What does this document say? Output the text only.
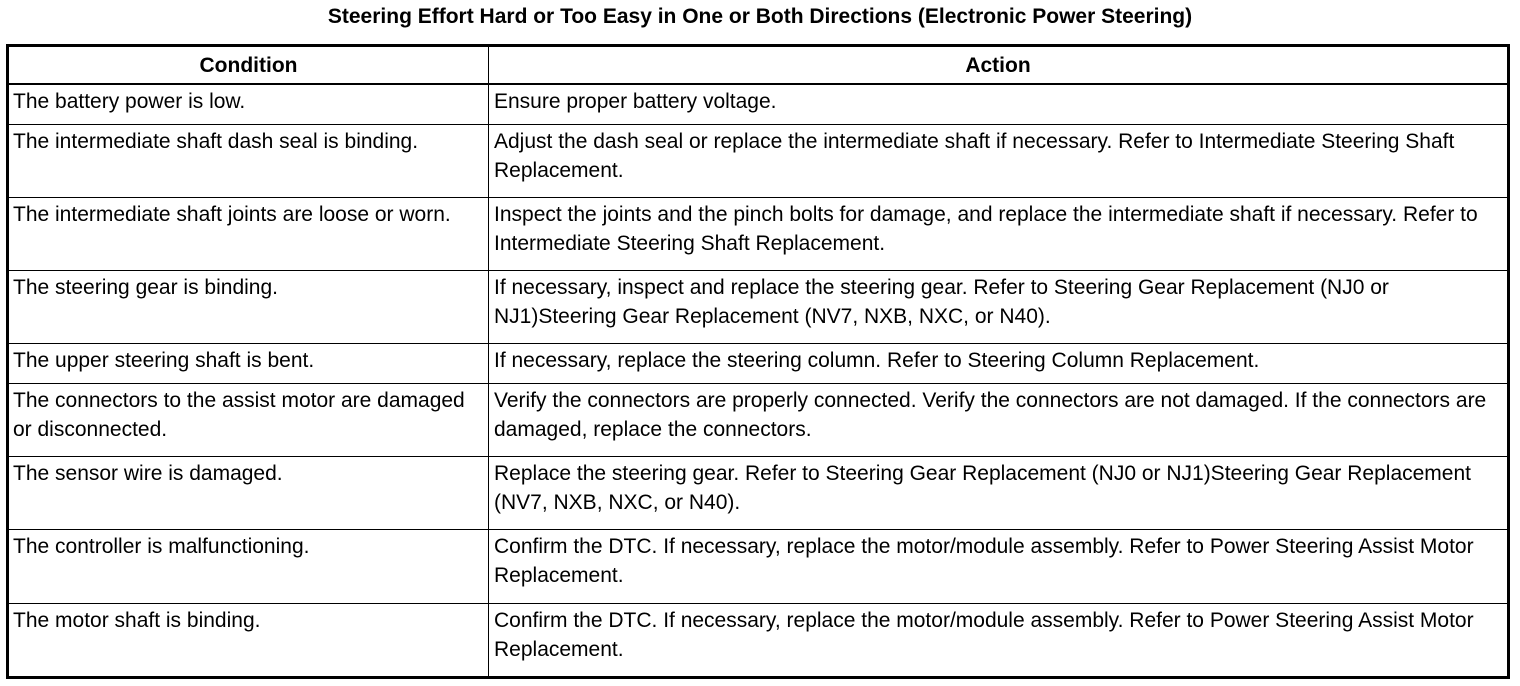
Steering Effort Hard or Too Easy in One or Both Directions (Electronic Power Steering)
Condition	Action
The battery power is low.	Ensure proper battery voltage.
The intermediate shaft dash seal is binding.	Adjust the dash seal or replace the intermediate shaft if necessary. Refer to Intermediate Steering Shaft Replacement.
The intermediate shaft joints are loose or worn.	Inspect the joints and the pinch bolts for damage, and replace the intermediate shaft if necessary. Refer to Intermediate Steering Shaft Replacement.
The steering gear is binding.	If necessary, inspect and replace the steering gear. Refer to Steering Gear Replacement (NJ0 or NJ1)Steering Gear Replacement (NV7, NXB, NXC, or N40).
The upper steering shaft is bent.	If necessary, replace the steering column. Refer to Steering Column Replacement.
The connectors to the assist motor are damaged or disconnected.	Verify the connectors are properly connected. Verify the connectors are not damaged. If the connectors are damaged, replace the connectors.
The sensor wire is damaged.	Replace the steering gear. Refer to Steering Gear Replacement (NJ0 or NJ1)Steering Gear Replacement (NV7, NXB, NXC, or N40).
The controller is malfunctioning.	Confirm the DTC. If necessary, replace the motor/module assembly. Refer to Power Steering Assist Motor Replacement.
The motor shaft is binding.	Confirm the DTC. If necessary, replace the motor/module assembly. Refer to Power Steering Assist Motor Replacement.
